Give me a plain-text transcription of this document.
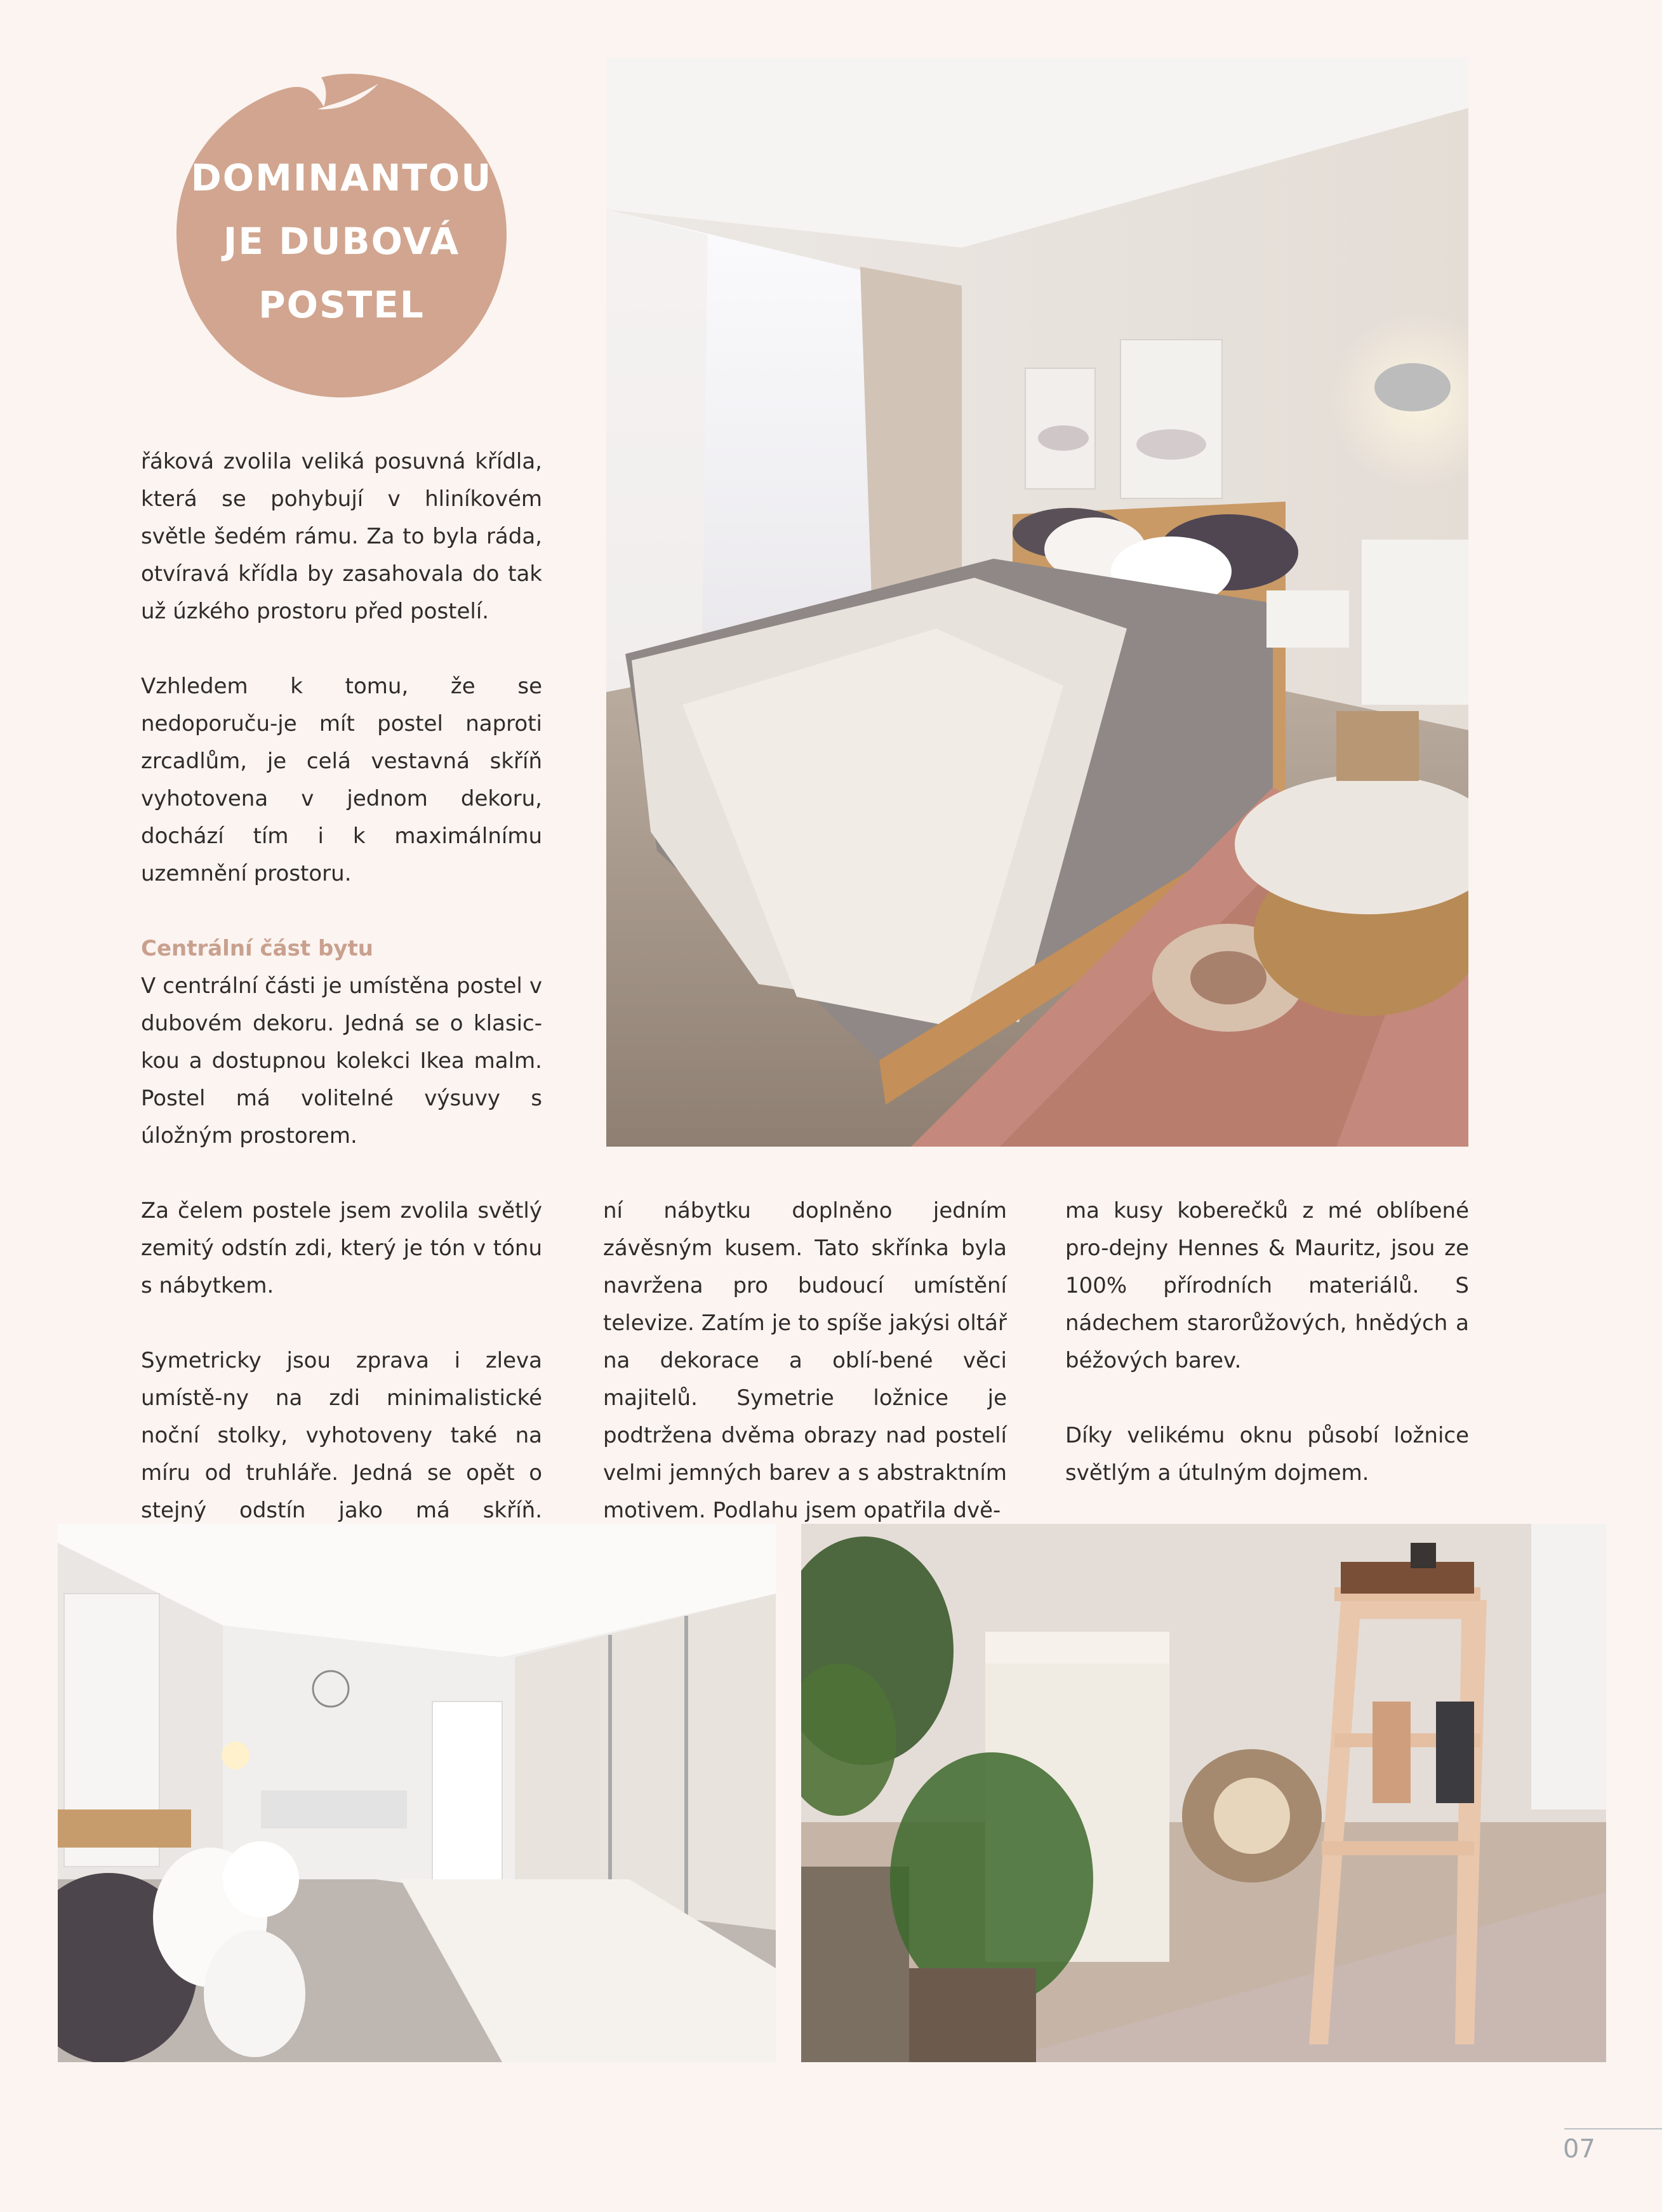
DOMINANTOU
JE DUBOVÁ
POSTEL

řáková zvolila veliká posuvná křídla, která se pohybují v hliníkovém světle šedém rámu. Za to byla ráda, otvíravá křídla by zasahovala do tak už úzkého prostoru před postelí.

Vzhledem k tomu, že se nedoporuču-je mít postel naproti zrcadlům, je celá vestavná skříň vyhotovena v jednom dekoru, dochází tím i k maximálnímu uzemnění prostoru.

Centrální část bytu
V centrální části je umístěna postel v dubovém dekoru. Jedná se o klasic-kou a dostupnou kolekci Ikea malm. Postel má volitelné výsuvy s úložným prostorem.

Za čelem postele jsem zvolila světlý zemitý odstín zdi, který je tón v tónu s nábytkem.

Symetricky jsou zprava i zleva umístě-ny na zdi minimalistické noční stolky, vyhotoveny také na míru od truhláře. Jedná se opět o stejný odstín jako má skříň.

ní nábytku doplněno jedním závěsným kusem. Tato skřínka byla navržena pro budoucí umístění televize. Zatím je to spíše jakýsi oltář na dekorace a oblí-bené věci majitelů. Symetrie ložnice je podtržena dvěma obrazy nad postelí velmi jemných barev a s abstraktním motivem. Podlahu jsem opatřila dvě-

ma kusy koberečků z mé oblíbené pro-dejny Hennes & Mauritz, jsou ze 100% přírodních materiálů. S nádechem starorůžových, hnědých a béžových barev.

Díky velikému oknu působí ložnice světlým a útulným dojmem.

07
